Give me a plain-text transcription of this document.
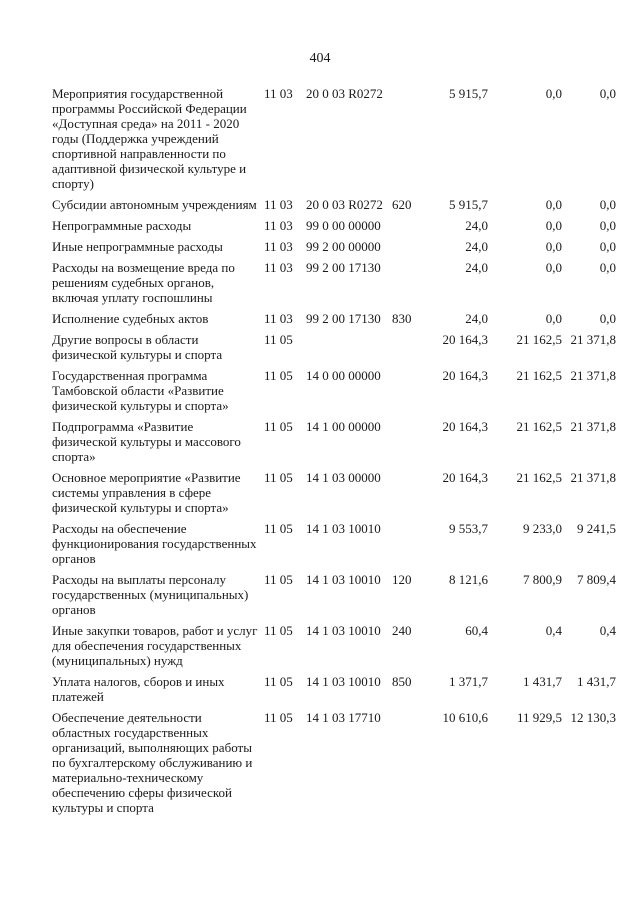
404
Мероприятия государственной программы Российской Федерации «Доступная среда» на 2011 - 2020 годы (Поддержка учреждений спортивной направленности по адаптивной физической культуре и спорту)	11 03	20 0 03 R0272		5 915,7	0,0	0,0
Субсидии автономным учреждениям	11 03	20 0 03 R0272	620	5 915,7	0,0	0,0
Непрограммные расходы	11 03	99 0 00 00000		24,0	0,0	0,0
Иные непрограммные расходы	11 03	99 2 00 00000		24,0	0,0	0,0
Расходы на возмещение вреда по решениям судебных органов, включая уплату госпошлины	11 03	99 2 00 17130		24,0	0,0	0,0
Исполнение судебных актов	11 03	99 2 00 17130	830	24,0	0,0	0,0
Другие вопросы в области физической культуры и спорта	11 05			20 164,3	21 162,5	21 371,8
Государственная программа Тамбовской области «Развитие физической культуры и спорта»	11 05	14 0 00 00000		20 164,3	21 162,5	21 371,8
Подпрограмма «Развитие физической культуры и массового спорта»	11 05	14 1 00 00000		20 164,3	21 162,5	21 371,8
Основное мероприятие «Развитие системы управления в сфере физической культуры и спорта»	11 05	14 1 03 00000		20 164,3	21 162,5	21 371,8
Расходы на обеспечение функционирования государственных органов	11 05	14 1 03 10010		9 553,7	9 233,0	9 241,5
Расходы на выплаты персоналу государственных (муниципальных) органов	11 05	14 1 03 10010	120	8 121,6	7 800,9	7 809,4
Иные закупки товаров, работ и услуг для обеспечения государственных (муниципальных) нужд	11 05	14 1 03 10010	240	60,4	0,4	0,4
Уплата налогов, сборов и иных платежей	11 05	14 1 03 10010	850	1 371,7	1 431,7	1 431,7
Обеспечение деятельности областных государственных организаций, выполняющих работы по бухгалтерскому обслуживанию и материально-техническому обеспечению сферы физической культуры и спорта	11 05	14 1 03 17710		10 610,6	11 929,5	12 130,3
